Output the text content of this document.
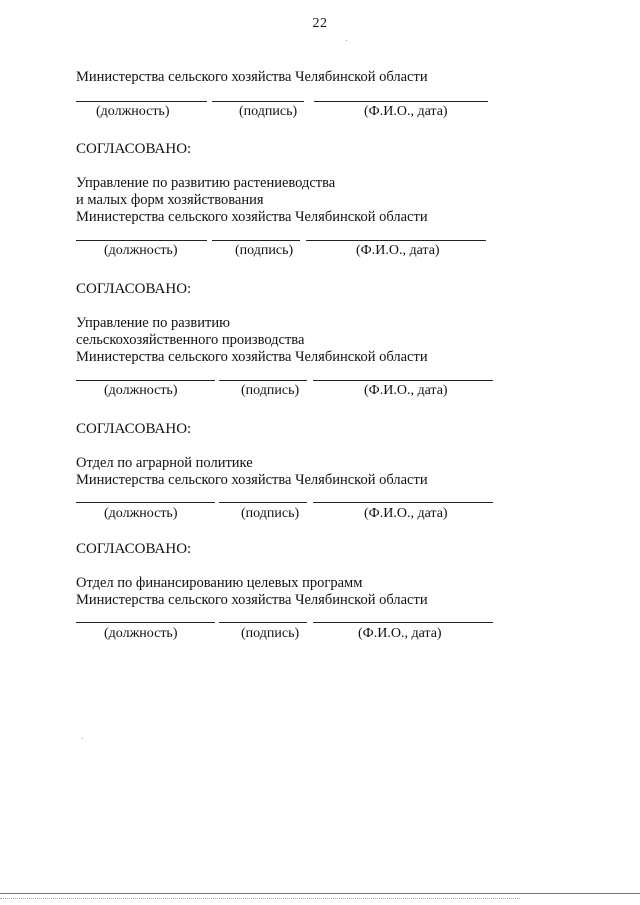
22
Министерства сельского хозяйства Челябинской области
(должность)	(подпись)	(Ф.И.О., дата)
СОГЛАСОВАНО:
Управление по развитию растениеводства
и малых форм хозяйствования
Министерства сельского хозяйства Челябинской области
(должность)	(подпись)	(Ф.И.О., дата)
СОГЛАСОВАНО:
Управление по развитию
сельскохозяйственного производства
Министерства сельского хозяйства Челябинской области
(должность)	(подпись)	(Ф.И.О., дата)
СОГЛАСОВАНО:
Отдел по аграрной политике
Министерства сельского хозяйства Челябинской области
(должность)	(подпись)	(Ф.И.О., дата)
СОГЛАСОВАНО:
Отдел по финансированию целевых программ
Министерства сельского хозяйства Челябинской области
(должность)	(подпись)	(Ф.И.О., дата)
